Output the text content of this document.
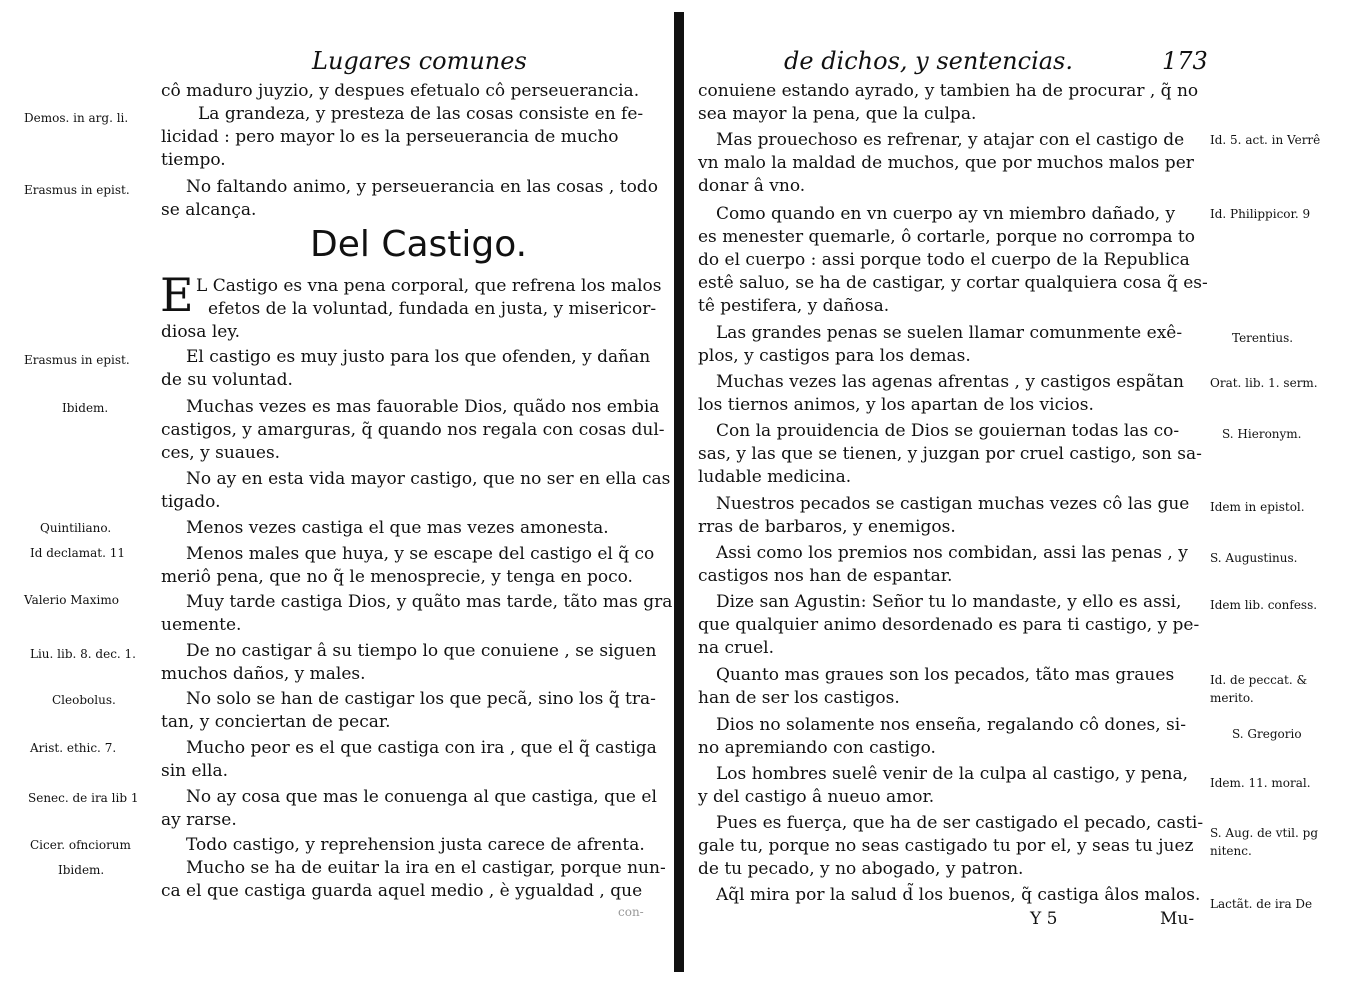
Lugares comunes
cô maduro juyzio, y despues efetualo cô perseuerancia.
La grandeza, y presteza de las cosas consiste en fe-
licidad : pero mayor lo es la perseuerancia de mucho
tiempo.
No faltando animo, y perseuerancia en las cosas , todo
se alcança.
Del Castigo.
E L Castigo es vna pena corporal, que refrena los malos
efetos de la voluntad, fundada en justa, y misericor-
diosa ley.
El castigo es muy justo para los que ofenden, y dañan
de su voluntad.
Muchas vezes es mas fauorable Dios, quãdo nos embia
castigos, y amarguras, q̃ quando nos regala con cosas dul-
ces, y suaues.
No ay en esta vida mayor castigo, que no ser en ella cas
tigado.
Menos vezes castiga el que mas vezes amonesta.
Menos males que huya, y se escape del castigo el q̃ co
meriô pena, que no q̃ le menosprecie, y tenga en poco.
Muy tarde castiga Dios, y quãto mas tarde, tãto mas gra
uemente.
De no castigar â su tiempo lo que conuiene , se siguen
muchos daños, y males.
No solo se han de castigar los que pecã, sino los q̃ tra-
tan, y conciertan de pecar.
Mucho peor es el que castiga con ira , que el q̃ castiga
sin ella.
No ay cosa que mas le conuenga al que castiga, que el
ay rarse.
Todo castigo, y reprehension justa carece de afrenta.
Mucho se ha de euitar la ira en el castigar, porque nun-
ca el que castiga guarda aquel medio , è ygualdad , que
con-
Demos. in arg. li.
Erasmus in epist.
Erasmus in epist.
Ibidem.
Quintiliano.
Id declamat. 11
Valerio Maximo
Liu. lib. 8. dec. 1.
Cleobolus.
Arist. ethic. 7.
Senec. de ira lib 1
Cicer. ofnciorum
Ibidem.
de dichos, y sentencias.	173
conuiene estando ayrado, y tambien ha de procurar , q̃ no
sea mayor la pena, que la culpa.
Mas prouechoso es refrenar, y atajar con el castigo de
vn malo la maldad de muchos, que por muchos malos per
donar â vno.
Como quando en vn cuerpo ay vn miembro dañado, y
es menester quemarle, ô cortarle, porque no corrompa to
do el cuerpo : assi porque todo el cuerpo de la Republica
estê saluo, se ha de castigar, y cortar qualquiera cosa q̃ es-
tê pestifera, y dañosa.
Las grandes penas se suelen llamar comunmente exê-
plos, y castigos para los demas.
Muchas vezes las agenas afrentas , y castigos espãtan
los tiernos animos, y los apartan de los vicios.
Con la prouidencia de Dios se gouiernan todas las co-
sas, y las que se tienen, y juzgan por cruel castigo, son sa-
ludable medicina.
Nuestros pecados se castigan muchas vezes cô las gue
rras de barbaros, y enemigos.
Assi como los premios nos combidan, assi las penas , y
castigos nos han de espantar.
Dize san Agustin: Señor tu lo mandaste, y ello es assi,
que qualquier animo desordenado es para ti castigo, y pe-
na cruel.
Quanto mas graues son los pecados, tãto mas graues
han de ser los castigos.
Dios no solamente nos enseña, regalando cô dones, si-
no apremiando con castigo.
Los hombres suelê venir de la culpa al castigo, y pena,
y del castigo â nueuo amor.
Pues es fuerça, que ha de ser castigado el pecado, casti-
gale tu, porque no seas castigado tu por el, y seas tu juez
de tu pecado, y no abogado, y patron.
Aq̃l mira por la salud d̃ los buenos, q̃ castiga âlos malos.
Y 5	Mu-
Id. 5. act. in Verrê
Id. Philippicor. 9
Terentius.
Orat. lib. 1. serm.
S. Hieronym.
Idem in epistol.
S. Augustinus.
Idem lib. confess.
Id. de peccat. &
merito.
S. Gregorio
Idem. 11. moral.
S. Aug. de vtil. pg
nitenc.
Lactãt. de ira De
